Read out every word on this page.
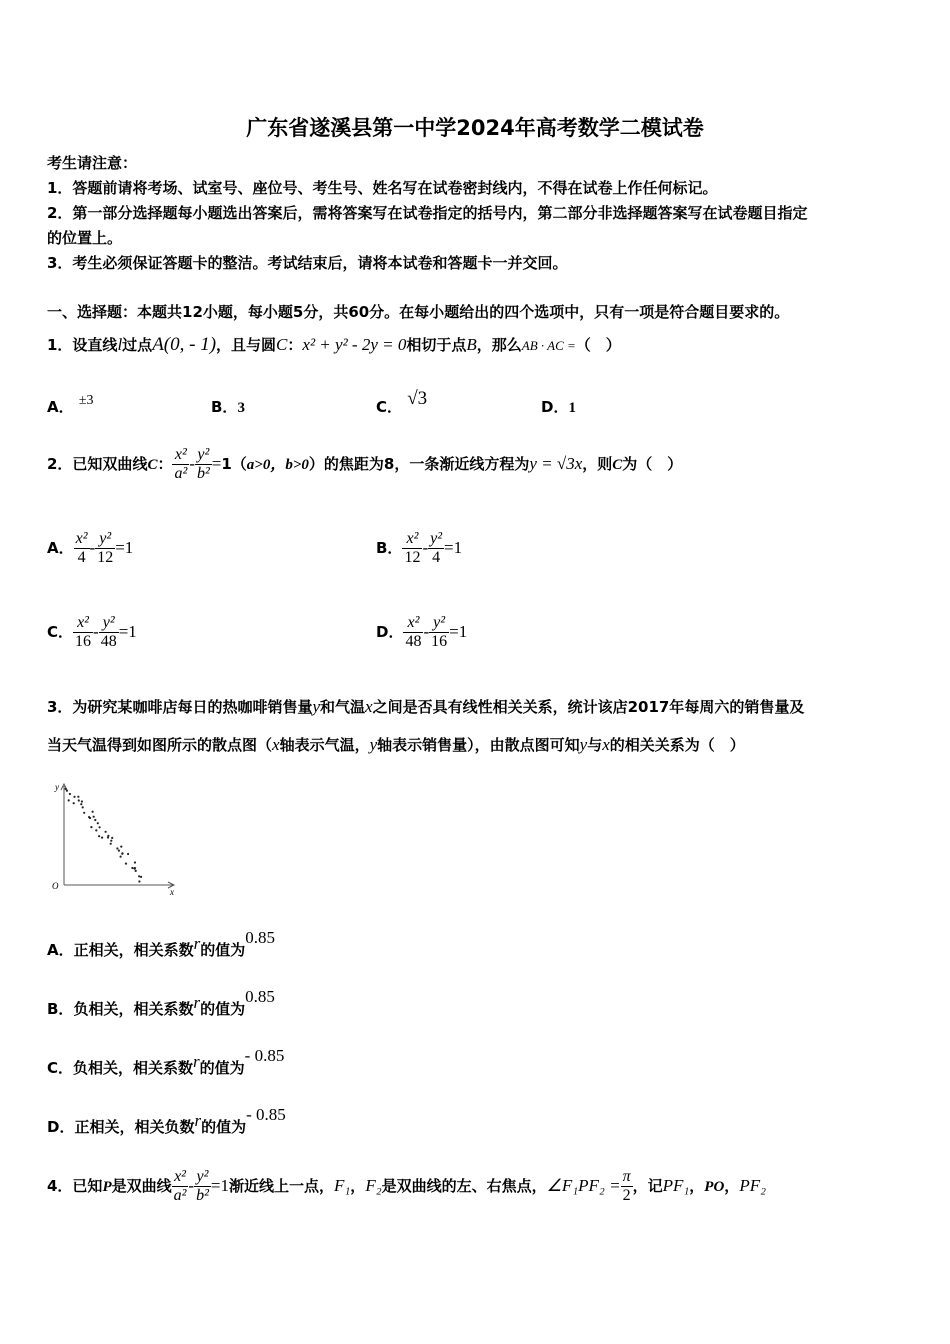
广东省遂溪县第一中学2024年高考数学二模试卷
考生请注意：
1．答题前请将考场、试室号、座位号、考生号、姓名写在试卷密封线内，不得在试卷上作任何标记。
2．第一部分选择题每小题选出答案后，需将答案写在试卷指定的括号内，第二部分非选择题答案写在试卷题目指定
的位置上。
3．考生必须保证答题卡的整洁。考试结束后，请将本试卷和答题卡一并交回。
一、选择题：本题共12小题，每小题5分，共60分。在每小题给出的四个选项中，只有一项是符合题目要求的。
1．设直线l过点A(0, - 1)，且与圆C：x² + y² - 2y = 0相切于点B，那么AB · AC =（　）
A． ±3	B．3	C． √3	D．1
2．已知双曲线C： $\frac{\text{x²}}{\text{a²}} - \frac{\text{y²}}{\text{b²}} =1(a>0$，b>0）的焦距为8，一条渐近线方程为y = √3x，则C为（　）
A． $\frac{\text{x²}}{4} - \frac{\text{y²}}{12} =1$	B． $\frac{\text{x²}}{12} - \frac{\text{y²}}{4} =1$
C． $\frac{\text{x²}}{16} - \frac{\text{y²}}{48} =1$	D． $\frac{\text{x²}}{48} - \frac{\text{y²}}{16} =1$
3．为研究某咖啡店每日的热咖啡销售量y和气温x之间是否具有线性相关关系，统计该店2017年每周六的销售量及
当天气温得到如图所示的散点图（x轴表示气温，y轴表示销售量），由散点图可知y与x的相关关系为（　）
y
x
O
A．正相关，相关系数r的值为0.85
B．负相关，相关系数r的值为0.85
C．负相关，相关系数r的值为- 0.85
D．正相关，相关负数r的值为- 0.85
4．已知P是双曲线 $\frac{\text{x²}}{\text{a²}} - \frac{\text{y²}}{\text{b²}} =1$渐近线上一点，F₁，F₂是双曲线的左、右焦点，∠F₁PF₂ = $\frac{\pi}{2}$ ，记PF₁，PO，PF₂
